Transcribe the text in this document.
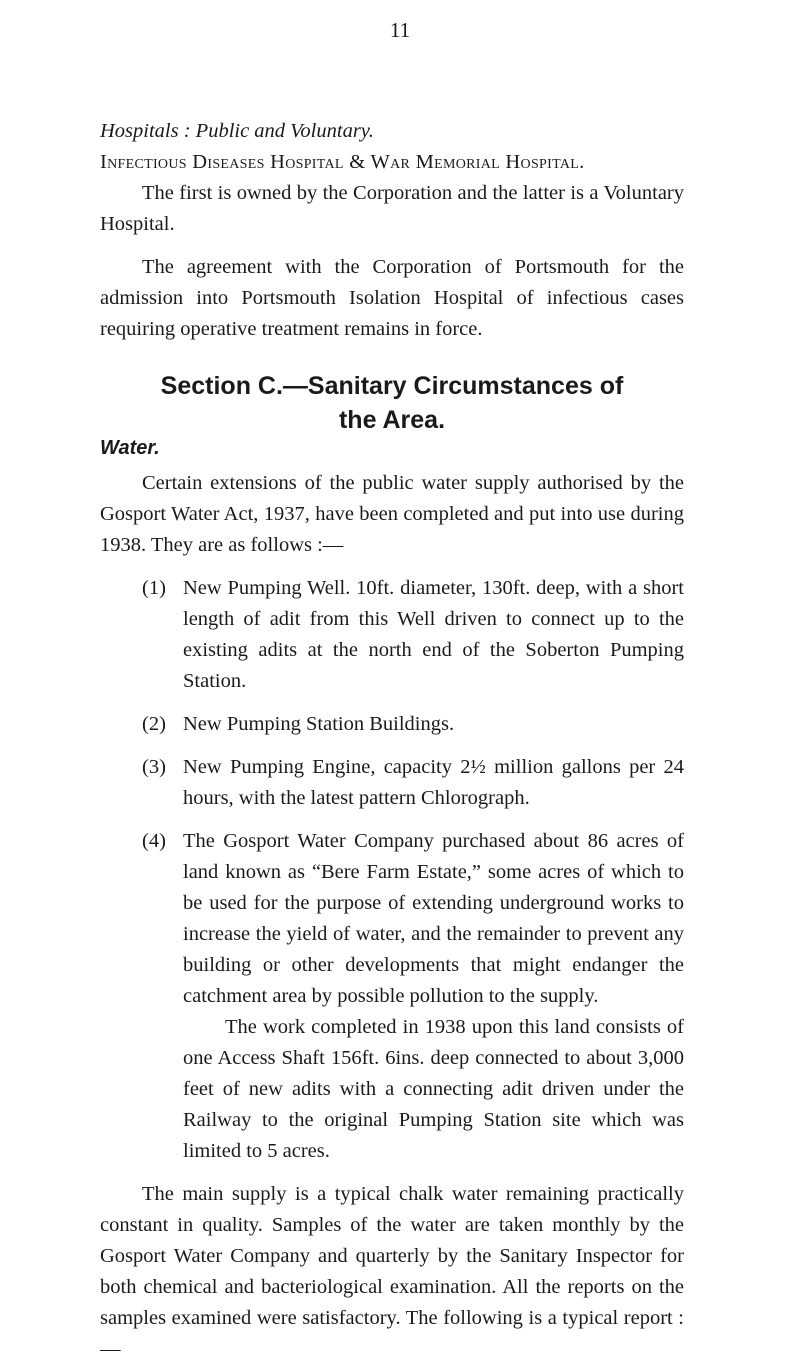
11

Hospitals : Public and Voluntary.

Infectious Diseases Hospital & War Memorial Hospital.

The first is owned by the Corporation and the latter is a Voluntary Hospital.

The agreement with the Corporation of Portsmouth for the admission into Portsmouth Isolation Hospital of infectious cases requiring operative treatment remains in force.

Section C.—Sanitary Circumstances of
the Area.

Water.

Certain extensions of the public water supply authorised by the Gosport Water Act, 1937, have been completed and put into use during 1938. They are as follows :—

(1) New Pumping Well. 10ft. diameter, 130ft. deep, with a short length of adit from this Well driven to connect up to the existing adits at the north end of the Soberton Pumping Station.
(2) New Pumping Station Buildings.
(3) New Pumping Engine, capacity 2½ million gallons per 24 hours, with the latest pattern Chlorograph.
(4) The Gosport Water Company purchased about 86 acres of land known as “Bere Farm Estate,” some acres of which to be used for the purpose of extending underground works to increase the yield of water, and the remainder to prevent any building or other developments that might endanger the catchment area by possible pollution to the supply.

The work completed in 1938 upon this land consists of one Access Shaft 156ft. 6ins. deep connected to about 3,000 feet of new adits with a connecting adit driven under the Railway to the original Pumping Station site which was limited to 5 acres.

The main supply is a typical chalk water remaining practically constant in quality. Samples of the water are taken monthly by the Gosport Water Company and quarterly by the Sanitary Inspector for both chemical and bacteriological examination. All the reports on the samples examined were satisfactory. The following is a typical report :—
